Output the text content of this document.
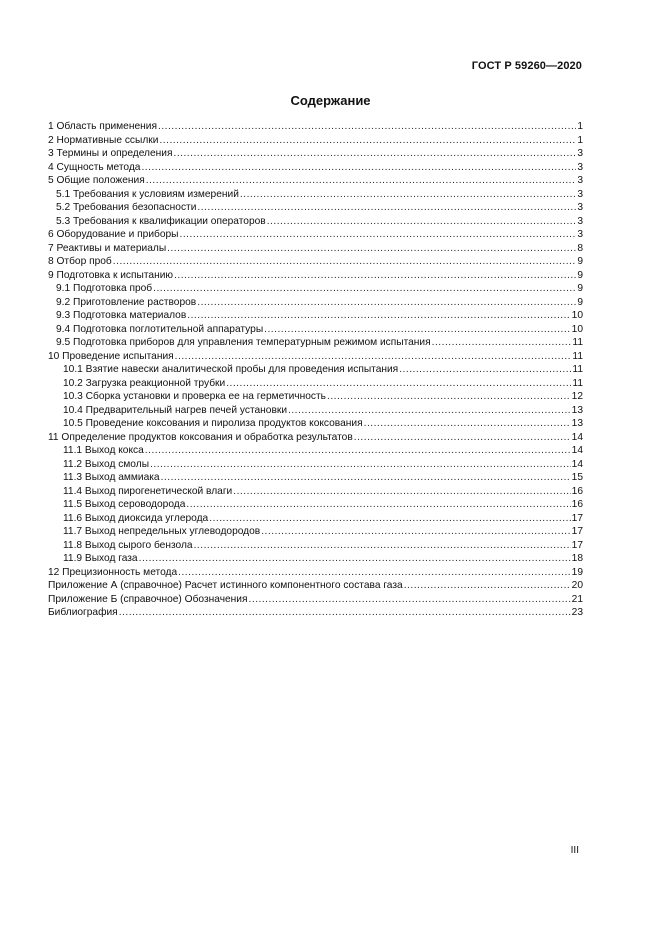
ГОСТ Р 59260—2020
Содержание
1 Область применения .....	1
2 Нормативные ссылки .....	1
3 Термины и определения .....	3
4 Сущность метода .....	3
5 Общие положения .....	3
5.1 Требования к условиям измерений .....	3
5.2 Требования безопасности .....	3
5.3 Требования к квалификации операторов .....	3
6 Оборудование и приборы .....	3
7 Реактивы и материалы .....	8
8 Отбор проб .....	9
9 Подготовка к испытанию .....	9
9.1 Подготовка проб .....	9
9.2 Приготовление растворов .....	9
9.3 Подготовка материалов .....	10
9.4 Подготовка поглотительной аппаратуры .....	10
9.5 Подготовка приборов для управления температурным режимом испытания .....	11
10 Проведение испытания .....	11
10.1 Взятие навески аналитической пробы для проведения испытания .....	11
10.2 Загрузка реакционной трубки .....	11
10.3 Сборка установки и проверка ее на герметичность .....	12
10.4 Предварительный нагрев печей установки .....	13
10.5 Проведение коксования и пиролиза продуктов коксования .....	13
11 Определение продуктов коксования и обработка результатов .....	14
11.1 Выход кокса .....	14
11.2 Выход смолы .....	14
11.3 Выход аммиака .....	15
11.4 Выход пирогенетической влаги .....	16
11.5 Выход сероводорода .....	16
11.6 Выход диоксида углерода .....	17
11.7 Выход непредельных углеводородов .....	17
11.8 Выход сырого бензола .....	17
11.9 Выход газа .....	18
12 Прецизионность метода .....	19
Приложение А (справочное) Расчет истинного компонентного состава газа .....	20
Приложение Б (справочное) Обозначения .....	21
Библиография .....	23
III
